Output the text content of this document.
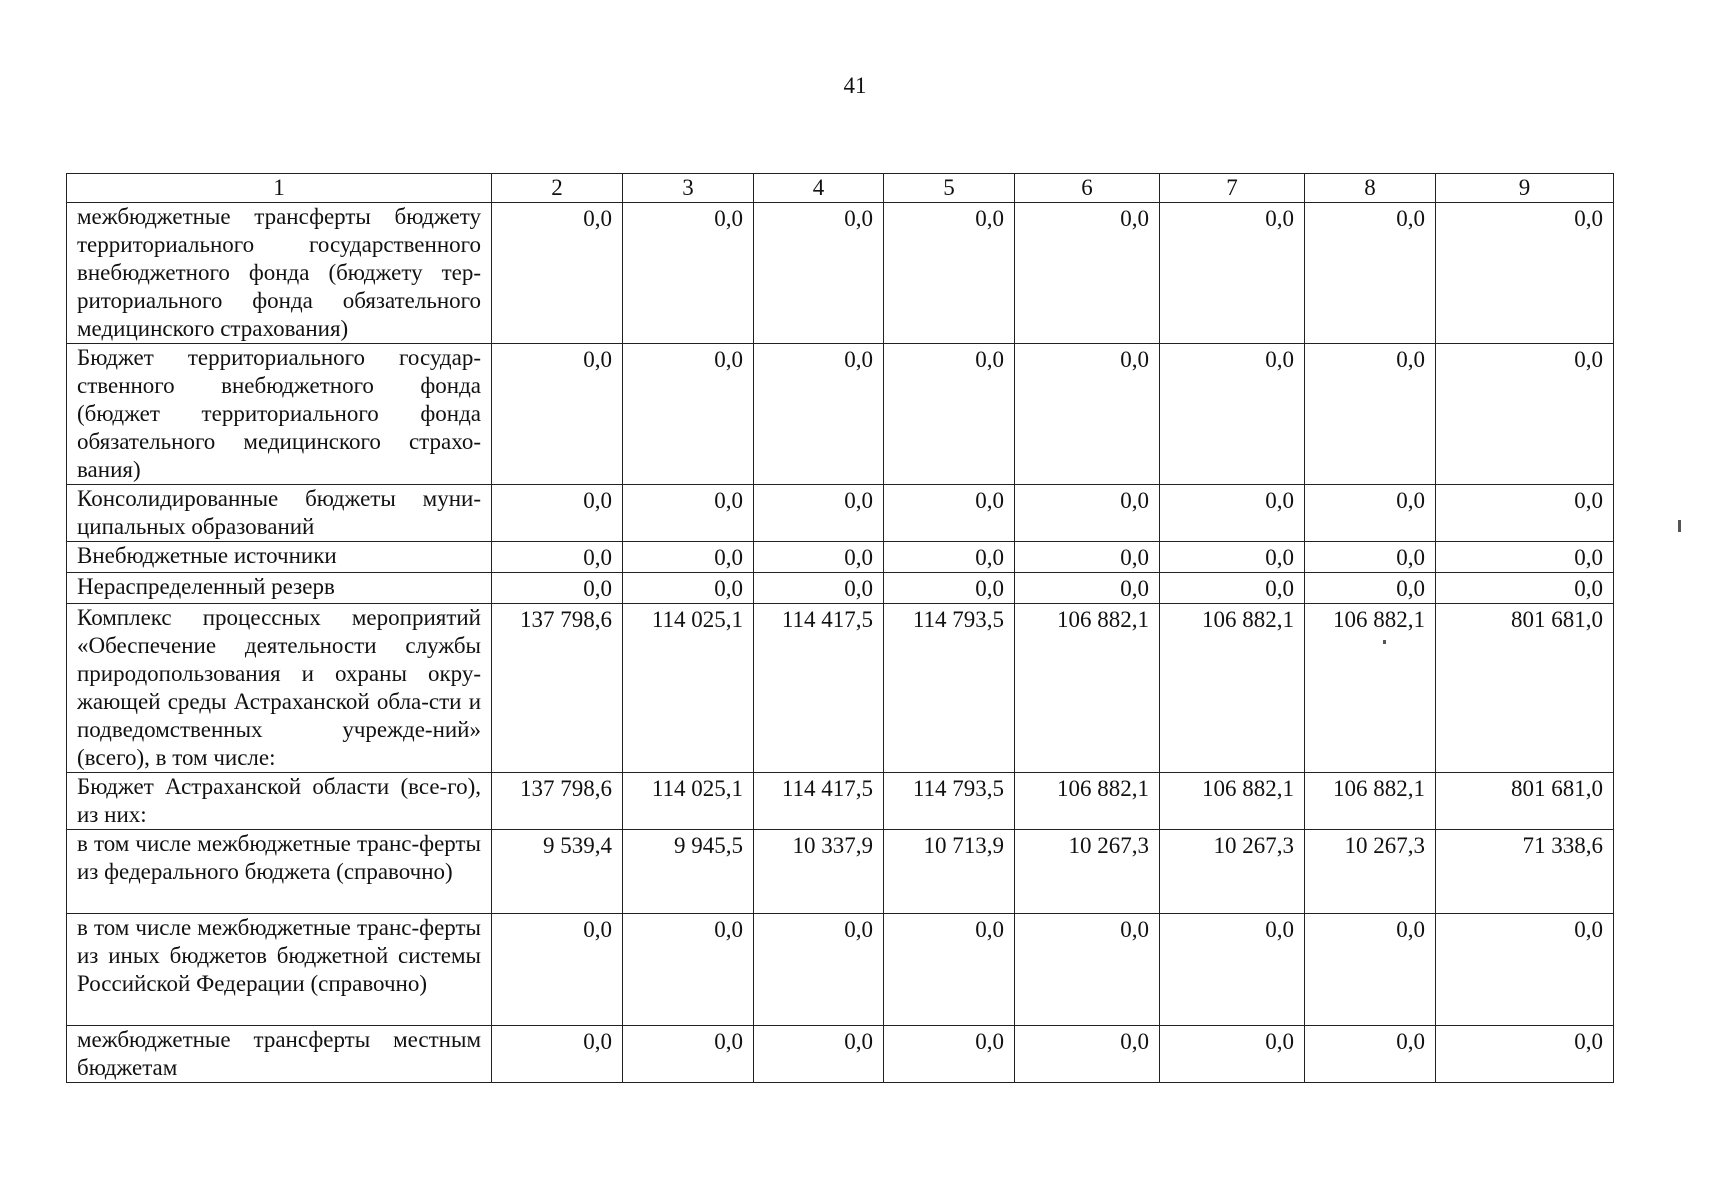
41
1	2	3	4	5	6	7	8	9
межбюджетные трансферты бюджету территориального государственного внебюджетного фонда (бюджету тер-риториального фонда обязательного медицинского страхования)	0,0	0,0	0,0	0,0	0,0	0,0	0,0	0,0
Бюджет территориального государ-ственного внебюджетного фонда (бюджет территориального фонда обязательного медицинского страхо-вания)	0,0	0,0	0,0	0,0	0,0	0,0	0,0	0,0
Консолидированные бюджеты муни-ципальных образований	0,0	0,0	0,0	0,0	0,0	0,0	0,0	0,0
Внебюджетные источники	0,0	0,0	0,0	0,0	0,0	0,0	0,0	0,0
Нераспределенный резерв	0,0	0,0	0,0	0,0	0,0	0,0	0,0	0,0
Комплекс процессных мероприятий «Обеспечение деятельности службы природопользования и охраны окру-жающей среды Астраханской обла-сти и подведомственных учрежде-ний» (всего), в том числе:	137 798,6	114 025,1	114 417,5	114 793,5	106 882,1	106 882,1	106 882,1	801 681,0
Бюджет Астраханской области (все-го), из них:	137 798,6	114 025,1	114 417,5	114 793,5	106 882,1	106 882,1	106 882,1	801 681,0
в том числе межбюджетные транс-ферты из федерального бюджета (справочно)	9 539,4	9 945,5	10 337,9	10 713,9	10 267,3	10 267,3	10 267,3	71 338,6
в том числе межбюджетные транс-ферты из иных бюджетов бюджетной системы Российской Федерации (справочно)	0,0	0,0	0,0	0,0	0,0	0,0	0,0	0,0
межбюджетные трансферты местным бюджетам	0,0	0,0	0,0	0,0	0,0	0,0	0,0	0,0
